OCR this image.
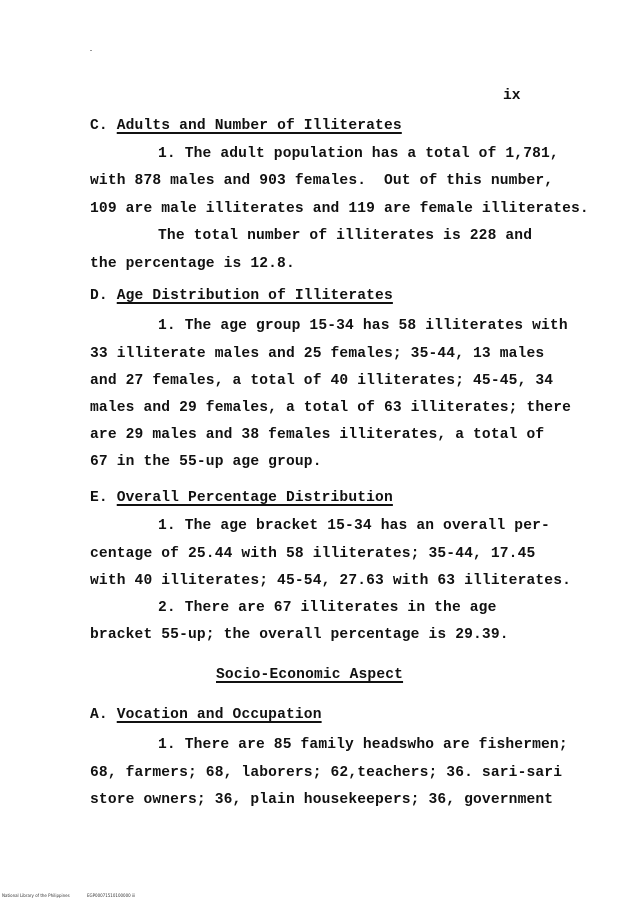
ix
C. Adults and Number of Illiterates
1. The adult population has a total of 1,781,
with 878 males and 903 females.  Out of this number,
109 are male illiterates and 119 are female illiterates.
The total number of illiterates is 228 and
the percentage is 12.8.
D. Age Distribution of Illiterates
1. The age group 15-34 has 58 illiterates with
33 illiterate males and 25 females; 35-44, 13 males
and 27 females, a total of 40 illiterates; 45-45, 34
males and 29 females, a total of 63 illiterates; there
are 29 males and 38 females illiterates, a total of
67 in the 55-up age group.
E. Overall Percentage Distribution
1. The age bracket 15-34 has an overall per-
centage of 25.44 with 58 illiterates; 35-44, 17.45
with 40 illiterates; 45-54, 27.63 with 63 illiterates.
2. There are 67 illiterates in the age
bracket 55-up; the overall percentage is 29.39.
Socio-Economic Aspect
A. Vocation and Occupation
1. There are 85 family headswho are fishermen;
68, farmers; 68, laborers; 62,teachers; 36. sari-sari
store owners; 36, plain housekeepers; 36, government
National Library of the Philippines	EGP00071510100000 iii
